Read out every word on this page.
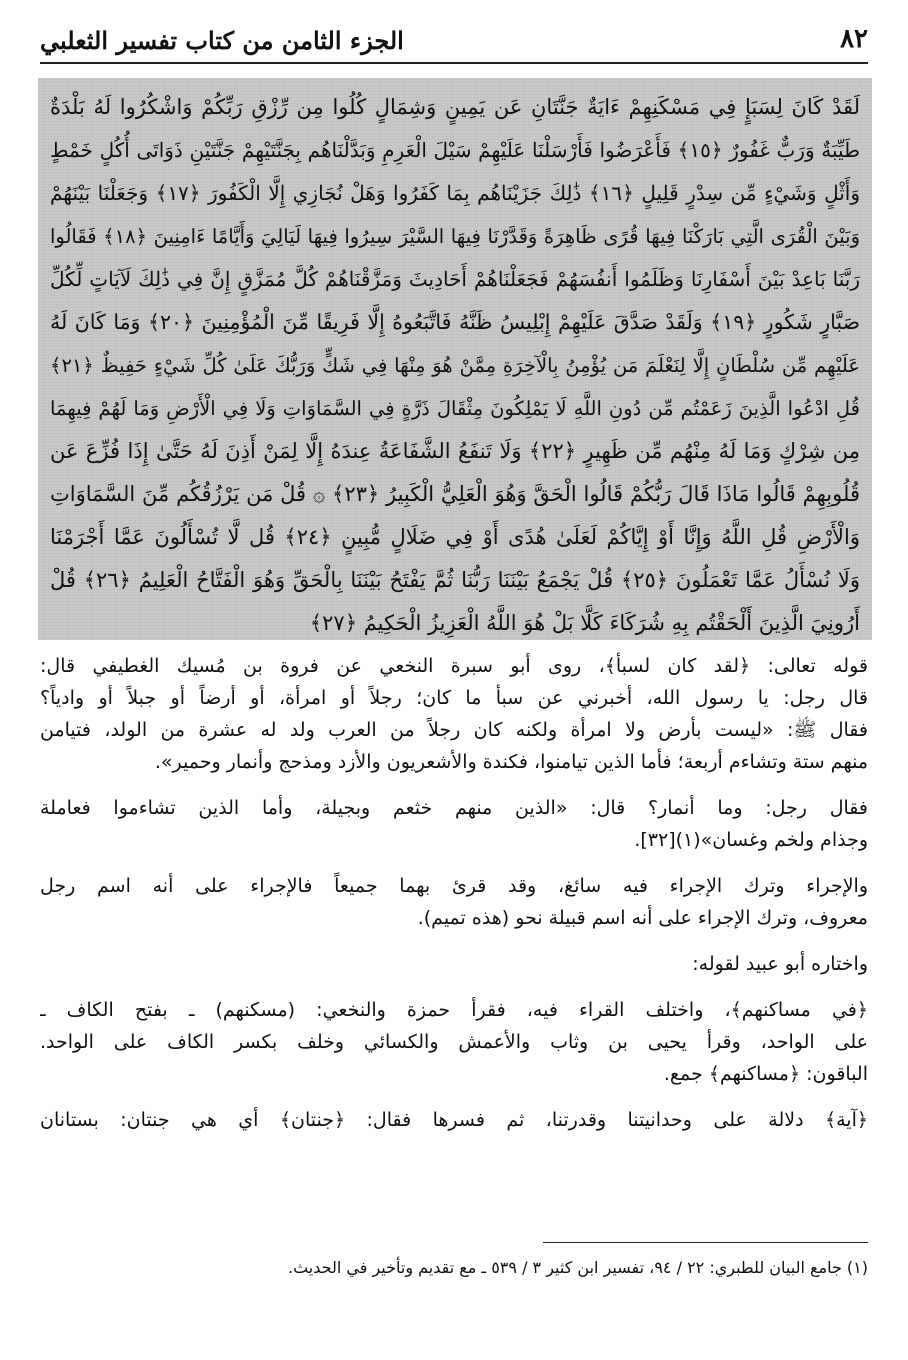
٨٢
الجزء الثامن من كتاب تفسير الثعلبي
لَقَدْ كَانَ لِسَبَإٍ فِي مَسْكَنِهِمْ ءَايَةٌ جَنَّتَانِ عَن يَمِينٍ وَشِمَالٍ كُلُوا مِن رِّزْقِ رَبِّكُمْ وَاشْكُرُوا لَهُ بَلْدَةٌ
طَيِّبَةٌ وَرَبٌّ غَفُورٌ ﴿١٥﴾ فَأَعْرَضُوا فَأَرْسَلْنَا عَلَيْهِمْ سَيْلَ الْعَرِمِ وَبَدَّلْنَاهُم بِجَنَّتَيْهِمْ جَنَّتَيْنِ ذَوَاتَى أُكُلٍ خَمْطٍ
وَأَثْلٍ وَشَيْءٍ مِّن سِدْرٍ قَلِيلٍ ﴿١٦﴾ ذَٰلِكَ جَزَيْنَاهُم بِمَا كَفَرُوا وَهَلْ نُجَازِي إِلَّا الْكَفُورَ ﴿١٧﴾ وَجَعَلْنَا بَيْنَهُمْ
وَبَيْنَ الْقُرَى الَّتِي بَارَكْنَا فِيهَا قُرًى ظَاهِرَةً وَقَدَّرْنَا فِيهَا السَّيْرَ سِيرُوا فِيهَا لَيَالِيَ وَأَيَّامًا ءَامِنِينَ ﴿١٨﴾ فَقَالُوا
رَبَّنَا بَاعِدْ بَيْنَ أَسْفَارِنَا وَظَلَمُوا أَنفُسَهُمْ فَجَعَلْنَاهُمْ أَحَادِيثَ وَمَزَّقْنَاهُمْ كُلَّ مُمَزَّقٍ إِنَّ فِي ذَٰلِكَ لَآيَاتٍ لِّكُلِّ
صَبَّارٍ شَكُورٍ ﴿١٩﴾ وَلَقَدْ صَدَّقَ عَلَيْهِمْ إِبْلِيسُ ظَنَّهُ فَاتَّبَعُوهُ إِلَّا فَرِيقًا مِّنَ الْمُؤْمِنِينَ ﴿٢٠﴾ وَمَا كَانَ لَهُ
عَلَيْهِم مِّن سُلْطَانٍ إِلَّا لِنَعْلَمَ مَن يُؤْمِنُ بِالْآخِرَةِ مِمَّنْ هُوَ مِنْهَا فِي شَكٍّ وَرَبُّكَ عَلَىٰ كُلِّ شَيْءٍ حَفِيظٌ ﴿٢١﴾
قُلِ ادْعُوا الَّذِينَ زَعَمْتُم مِّن دُونِ اللَّهِ لَا يَمْلِكُونَ مِثْقَالَ ذَرَّةٍ فِي السَّمَاوَاتِ وَلَا فِي الْأَرْضِ وَمَا لَهُمْ فِيهِمَا
مِن شِرْكٍ وَمَا لَهُ مِنْهُم مِّن ظَهِيرٍ ﴿٢٢﴾ وَلَا تَنفَعُ الشَّفَاعَةُ عِندَهُ إِلَّا لِمَنْ أَذِنَ لَهُ حَتَّىٰ إِذَا فُزِّعَ عَن
قُلُوبِهِمْ قَالُوا مَاذَا قَالَ رَبُّكُمْ قَالُوا الْحَقَّ وَهُوَ الْعَلِيُّ الْكَبِيرُ ﴿٢٣﴾ ۞ قُلْ مَن يَرْزُقُكُم مِّنَ السَّمَاوَاتِ
وَالْأَرْضِ قُلِ اللَّهُ وَإِنَّا أَوْ إِيَّاكُمْ لَعَلَىٰ هُدًى أَوْ فِي ضَلَالٍ مُّبِينٍ ﴿٢٤﴾ قُل لَّا تُسْأَلُونَ عَمَّا أَجْرَمْنَا
وَلَا نُسْأَلُ عَمَّا تَعْمَلُونَ ﴿٢٥﴾ قُلْ يَجْمَعُ بَيْنَنَا رَبُّنَا ثُمَّ يَفْتَحُ بَيْنَنَا بِالْحَقِّ وَهُوَ الْفَتَّاحُ الْعَلِيمُ ﴿٢٦﴾ قُلْ
أَرُونِيَ الَّذِينَ أَلْحَقْتُم بِهِ شُرَكَاءَ كَلَّا بَلْ هُوَ اللَّهُ الْعَزِيزُ الْحَكِيمُ ﴿٢٧﴾
قوله تعالى: ﴿لقد كان لسبأ﴾، روى أبو سبرة النخعي عن فروة بن مُسيك الغطيفي قال:
قال رجل: يا رسول الله، أخبرني عن سبأ ما كان؛ رجلاً أو امرأة، أو أرضاً أو جبلاً أو وادياً؟
فقال ﷺ: «ليست بأرض ولا امرأة ولكنه كان رجلاً من العرب ولد له عشرة من الولد، فتيامن
منهم ستة وتشاءم أربعة؛ فأما الذين تيامنوا، فكندة والأشعريون والأزد ومذحج وأنمار وحمير».
فقال رجل: وما أنمار؟ قال: «الذين منهم خثعم وبجيلة، وأما الذين تشاءموا فعاملة
وجذام ولخم وغسان»(١)[٣٢].
والإجراء وترك الإجراء فيه سائغ، وقد قرئ بهما جميعاً فالإجراء على أنه اسم رجل
معروف، وترك الإجراء على أنه اسم قبيلة نحو (هذه تميم).
واختاره أبو عبيد لقوله:
﴿في مساكنهم﴾، واختلف القراء فيه، فقرأ حمزة والنخعي: (مسكنهم) ـ بفتح الكاف ـ
على الواحد، وقرأ يحيى بن وثاب والأعمش والكسائي وخلف بكسر الكاف على الواحد.
الباقون: ﴿مساكنهم﴾ جمع.
﴿آية﴾ دلالة على وحدانيتنا وقدرتنا، ثم فسرها فقال: ﴿جنتان﴾ أي هي جنتان: بستانان
(١) جامع البيان للطبري: ٢٢ / ٩٤، تفسير ابن كثير ٣ / ٥٣٩ ـ مع تقديم وتأخير في الحديث.
